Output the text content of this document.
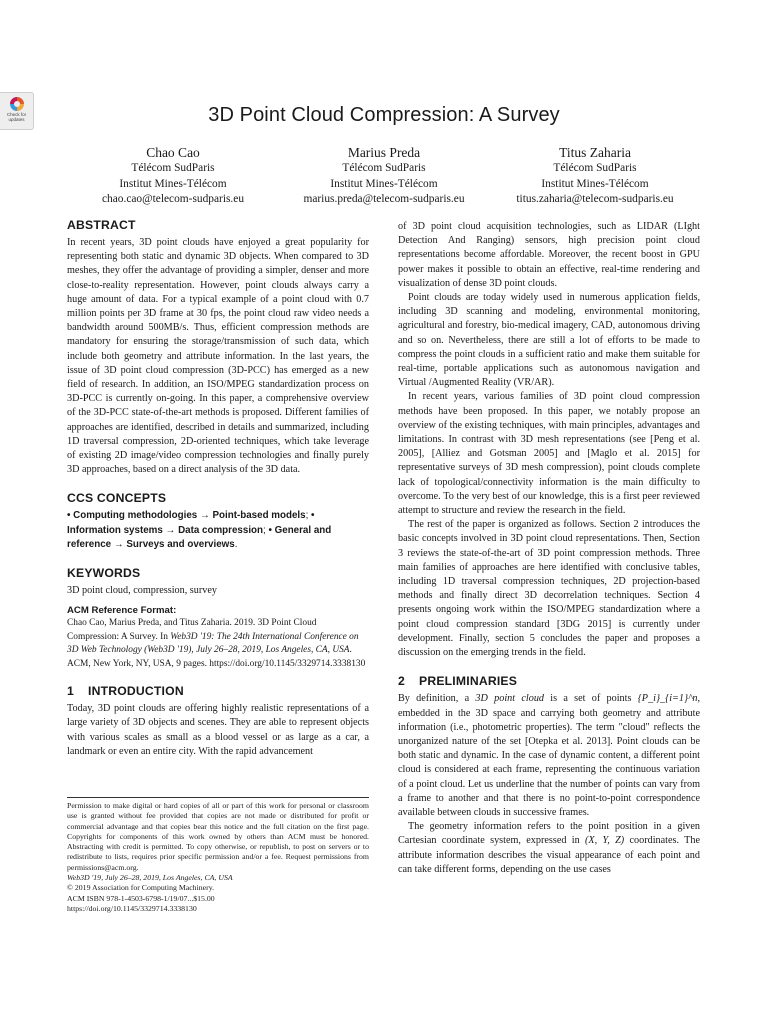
Check for updates	3D Point Cloud Compression: A Survey
Chao Cao
Télécom SudParis
Institut Mines-Télécom
chao.cao@telecom-sudparis.eu
Marius Preda
Télécom SudParis
Institut Mines-Télécom
marius.preda@telecom-sudparis.eu
Titus Zaharia
Télécom SudParis
Institut Mines-Télécom
titus.zaharia@telecom-sudparis.eu
ABSTRACT

In recent years, 3D point clouds have enjoyed a great popularity for representing both static and dynamic 3D objects. When compared to 3D meshes, they offer the advantage of providing a simpler, denser and more close-to-reality representation. However, point clouds always carry a huge amount of data. For a typical example of a point cloud with 0.7 million points per 3D frame at 30 fps, the point cloud raw video needs a bandwidth around 500MB/s. Thus, efficient compression methods are mandatory for ensuring the storage/transmission of such data, which include both geometry and attribute information. In the last years, the issue of 3D point cloud compression (3D-PCC) has emerged as a new field of research. In addition, an ISO/MPEG standardization process on 3D-PCC is currently on-going. In this paper, a comprehensive overview of the 3D-PCC state-of-the-art methods is proposed. Different families of approaches are identified, described in details and summarized, including 1D traversal compression, 2D-oriented techniques, which take leverage of existing 2D image/video compression technologies and finally purely 3D approaches, based on a direct analysis of the 3D data.

CCS CONCEPTS

• Computing methodologies → Point-based models; • Information systems → Data compression; • General and reference → Surveys and overviews.

KEYWORDS

3D point cloud, compression, survey

ACM Reference Format:

Chao Cao, Marius Preda, and Titus Zaharia. 2019. 3D Point Cloud Compression: A Survey. In Web3D '19: The 24th International Conference on 3D Web Technology (Web3D '19), July 26–28, 2019, Los Angeles, CA, USA. ACM, New York, NY, USA, 9 pages. https://doi.org/10.1145/3329714.3338130

1 INTRODUCTION

Today, 3D point clouds are offering highly realistic representations of a large variety of 3D objects and scenes. They are able to represent objects with various scales as small as a blood vessel or as large as a car, a landmark or even an entire city. With the rapid advancement

Permission to make digital or hard copies of all or part of this work for personal or classroom use is granted without fee provided that copies are not made or distributed for profit or commercial advantage and that copies bear this notice and the full citation on the first page. Copyrights for components of this work owned by others than ACM must be honored. Abstracting with credit is permitted. To copy otherwise, or republish, to post on servers or to redistribute to lists, requires prior specific permission and/or a fee. Request permissions from permissions@acm.org.

Web3D '19, July 26–28, 2019, Los Angeles, CA, USA

© 2019 Association for Computing Machinery.

ACM ISBN 978-1-4503-6798-1/19/07...$15.00

https://doi.org/10.1145/3329714.3338130

of 3D point cloud acquisition technologies, such as LIDAR (LIght Detection And Ranging) sensors, high precision point cloud representations become affordable. Moreover, the recent boost in GPU power makes it possible to obtain an effective, real-time rendering and visualization of dense 3D point clouds.

Point clouds are today widely used in numerous application fields, including 3D scanning and modeling, environmental monitoring, agricultural and forestry, bio-medical imagery, CAD, autonomous driving and so on. Nevertheless, there are still a lot of efforts to be made to compress the point clouds in a sufficient ratio and make them suitable for real-time, portable applications such as autonomous navigation and Virtual /Augmented Reality (VR/AR).

In recent years, various families of 3D point cloud compression methods have been proposed. In this paper, we notably propose an overview of the existing techniques, with main principles, advantages and limitations. In contrast with 3D mesh representations (see [Peng et al. 2005], [Alliez and Gotsman 2005] and [Maglo et al. 2015] for representative surveys of 3D mesh compression), point clouds complete lack of topological/connectivity information is the main difficulty to overcome. To the very best of our knowledge, this is a first peer reviewed attempt to structure and review the research in the field.

The rest of the paper is organized as follows. Section 2 introduces the basic concepts involved in 3D point cloud representations. Then, Section 3 reviews the state-of-the-art of 3D point compression methods. Three main families of approaches are here identified with conclusive tables, including 1D traversal compression techniques, 2D projection-based methods and finally direct 3D decorrelation techniques. Section 4 presents ongoing work within the ISO/MPEG standardization where a point cloud compression standard [3DG 2015] is currently under development. Finally, section 5 concludes the paper and proposes a discussion on the emerging trends in the field.

2 PRELIMINARIES

By definition, a 3D point cloud is a set of points {P_i}_{i=1}^n, embedded in the 3D space and carrying both geometry and attribute information (i.e., photometric properties). The term "cloud" reflects the unorganized nature of the set [Otepka et al. 2013]. Point clouds can be both static and dynamic. In the case of dynamic content, a different point cloud is considered at each frame, representing the continuous variation of a point cloud. Let us underline that the number of points can vary from a frame to another and that there is no point-to-point correspondence available between clouds in successive frames.

The geometry information refers to the point position in a given Cartesian coordinate system, expressed in (X, Y, Z) coordinates. The attribute information describes the visual appearance of each point and can take different forms, depending on the use cases
